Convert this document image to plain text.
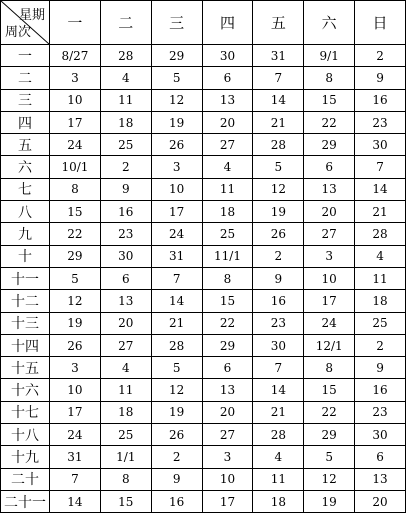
星期
周次	一	二	三	四	五	六	日
一	8/27	28	29	30	31	9/1	2
二	3	4	5	6	7	8	9
三	10	11	12	13	14	15	16
四	17	18	19	20	21	22	23
五	24	25	26	27	28	29	30
六	10/1	2	3	4	5	6	7
七	8	9	10	11	12	13	14
八	15	16	17	18	19	20	21
九	22	23	24	25	26	27	28
十	29	30	31	11/1	2	3	4
十一	5	6	7	8	9	10	11
十二	12	13	14	15	16	17	18
十三	19	20	21	22	23	24	25
十四	26	27	28	29	30	12/1	2
十五	3	4	5	6	7	8	9
十六	10	11	12	13	14	15	16
十七	17	18	19	20	21	22	23
十八	24	25	26	27	28	29	30
十九	31	1/1	2	3	4	5	6
二十	7	8	9	10	11	12	13
二十一	14	15	16	17	18	19	20
